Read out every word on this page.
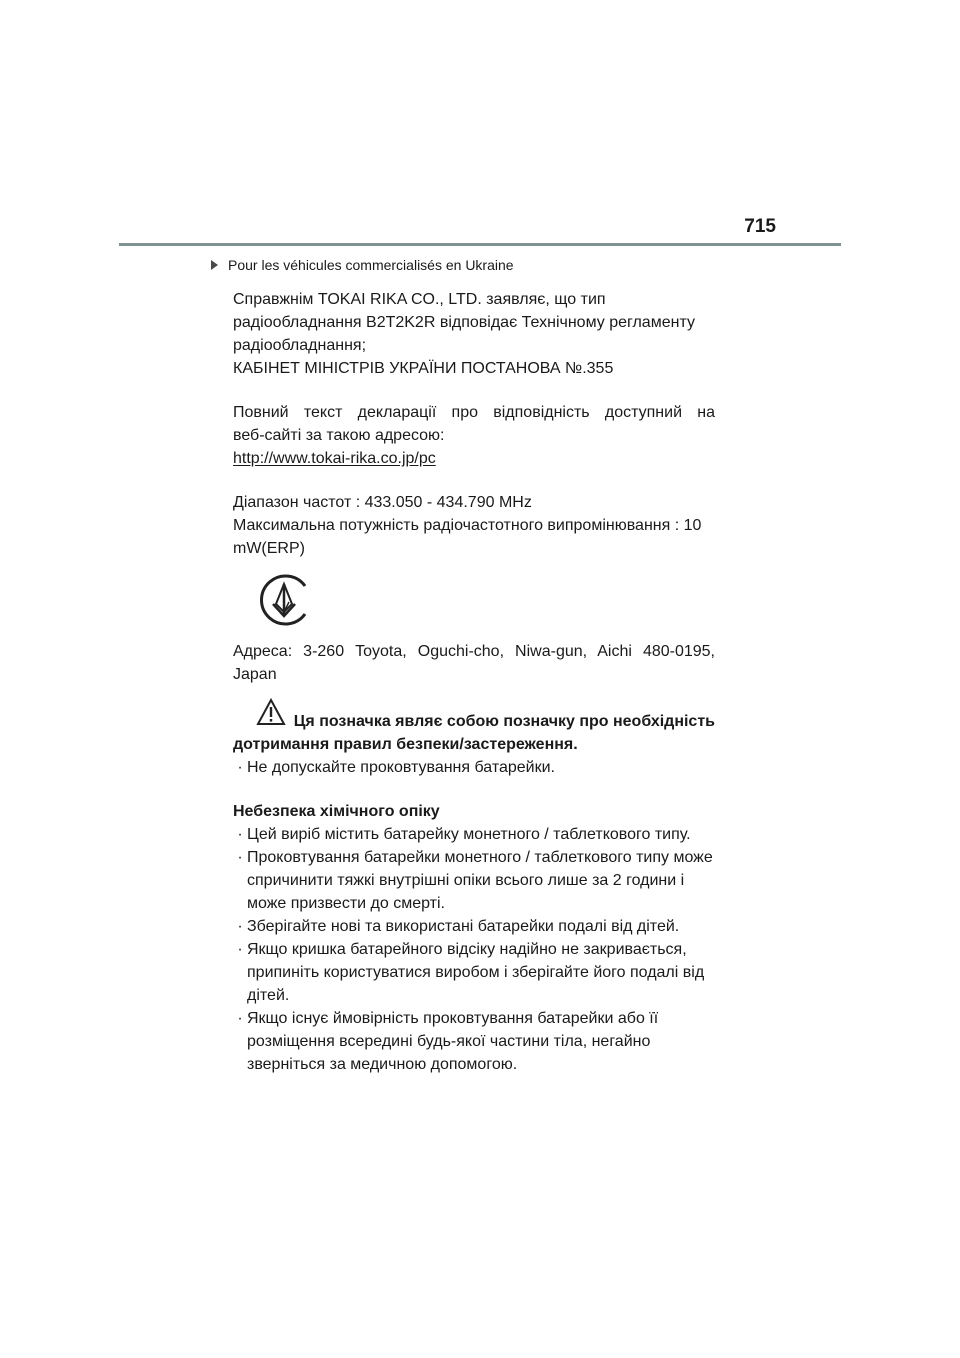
715
Pour les véhicules commercialisés en Ukraine
Справжнім TOKAI RIKA CO., LTD. заявляє, що тип
радіообладнання B2T2K2R відповідає Технічному регламенту
радіообладнання;
КАБІНЕТ МІНІСТРІВ УКРАЇНИ ПОСТАНОВА №.355
Повний текст декларації про відповідність доступний на
веб-сайті за такою адресою:
http://www.tokai-rika.co.jp/pc
Діапазон частот : 433.050 - 434.790 MHz
Максимальна потужність радіочастотного випромінювання : 10
mW(ERP)
Адреса: 3-260 Toyota, Oguchi-cho, Niwa-gun, Aichi 480-0195,
Japan
Ця позначка являє собою позначку про необхідність
дотримання правил безпеки/застереження.
· Не допускайте проковтування батарейки.
Небезпека хімічного опіку
· Цей виріб містить батарейку монетного / таблеткового типу.
· Проковтування батарейки монетного / таблеткового типу може
спричинити тяжкі внутрішні опіки всього лише за 2 години і
може призвести до смерті.
· Зберігайте нові та використані батарейки подалі від дітей.
· Якщо кришка батарейного відсіку надійно не закривається,
припиніть користуватися виробом і зберігайте його подалі від
дітей.
· Якщо існує ймовірність проковтування батарейки або її
розміщення всередині будь-якої частини тіла, негайно
зверніться за медичною допомогою.
